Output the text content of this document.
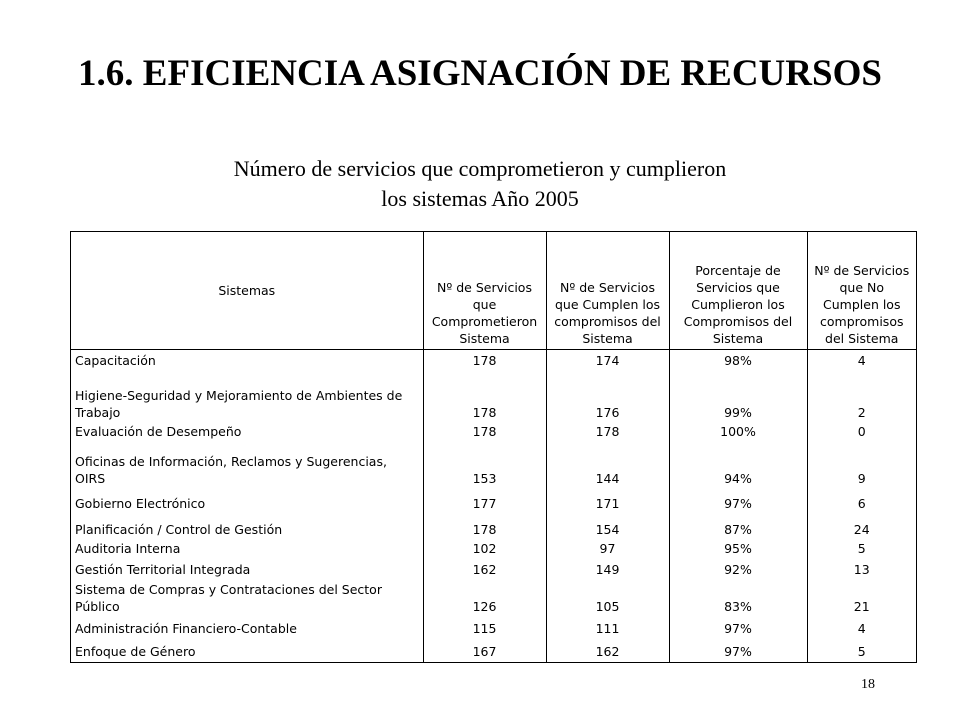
1.6. EFICIENCIA ASIGNACIÓN DE RECURSOS
Número de servicios que comprometieron y cumplieron
los sistemas Año 2005
Sistemas	Nº de Servicios que Comprometieron Sistema	Nº de Servicios que Cumplen los compromisos del Sistema	Porcentaje de Servicios que Cumplieron los Compromisos del Sistema	Nº de Servicios que No Cumplen los compromisos del Sistema
Capacitación	178	174	98%	4
Higiene-Seguridad y Mejoramiento de Ambientes de Trabajo	178	176	99%	2
Evaluación de Desempeño	178	178	100%	0
Oficinas de Información, Reclamos y Sugerencias, OIRS	153	144	94%	9
Gobierno Electrónico	177	171	97%	6
Planificación / Control de Gestión	178	154	87%	24
Auditoria Interna	102	97	95%	5
Gestión Territorial Integrada	162	149	92%	13
Sistema de Compras y Contrataciones del Sector Público	126	105	83%	21
Administración Financiero-Contable	115	111	97%	4
Enfoque de Género	167	162	97%	5
18
